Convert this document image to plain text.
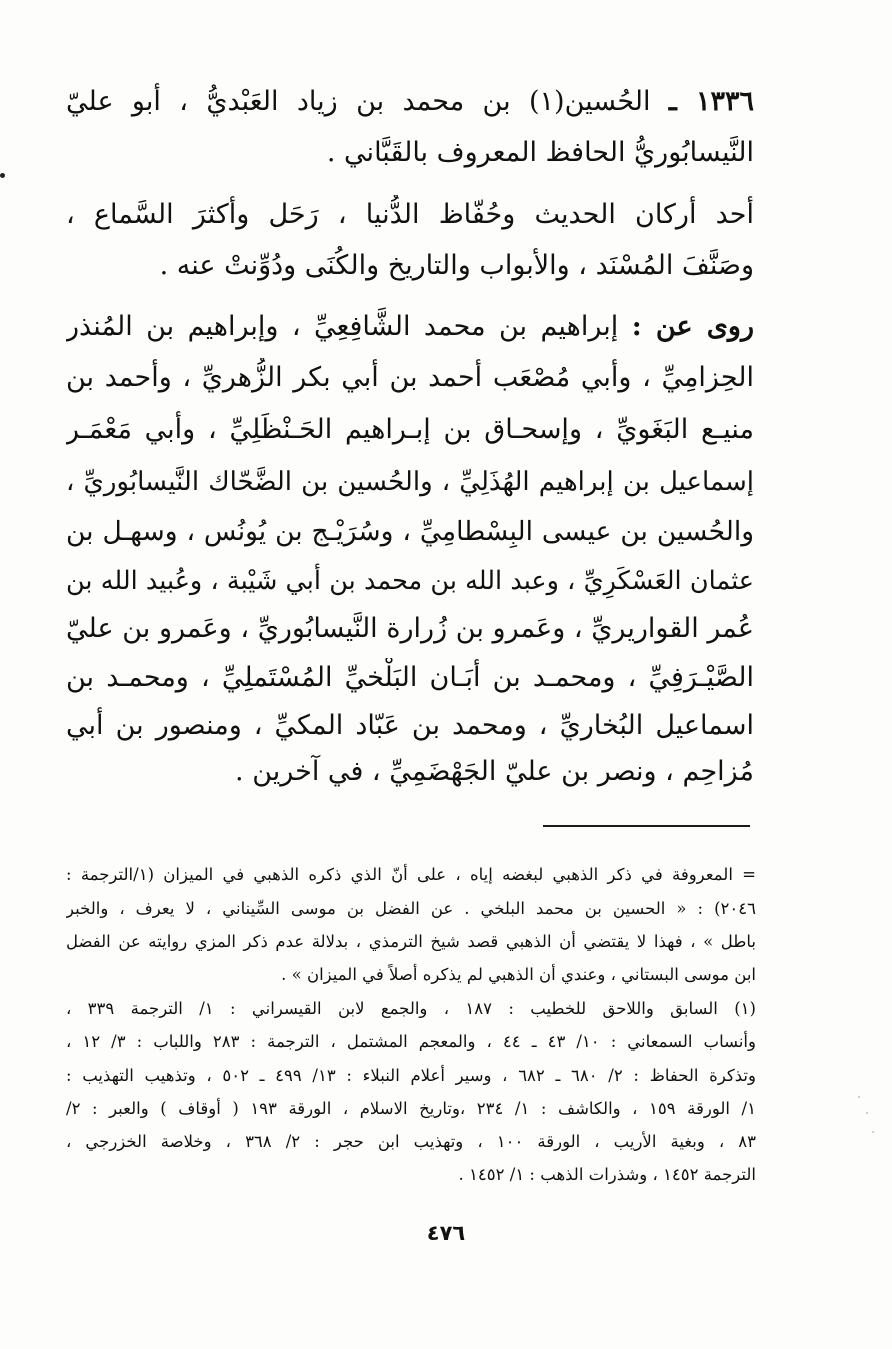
١٣٣٦ ـ الحُسين(١) بن محمد بن زياد العَبْديُّ ، أبو عليّ
النَّيسابُوريُّ الحافظ المعروف بالقَبَّاني .
أحد أركان الحديث وحُفّاظ الدُّنيا ، رَحَل وأكثرَ السَّماع ،
وصَنَّفَ المُسْنَد ، والأبواب والتاريخ والكُنَى ودُوِّنتْ عنه .
روى عن : إبراهيم بن محمد الشَّافِعِيِّ ، وإبراهيم بن المُنذر
الحِزامِيِّ ، وأبي مُصْعَب أحمد بن أبي بكر الزُّهريِّ ، وأحمد بن
منيـع البَغَويِّ ، وإسحـاق بن إبـراهيم الحَـنْظَلِيِّ ، وأبي مَعْمَـر
إسماعيل بن إبراهيم الهُذَلِيِّ ، والحُسين بن الضَّحّاك النَّيسابُوريِّ ،
والحُسين بن عيسى البِسْطامِيِّ ، وسُرَيْـج بن يُونُس ، وسهـل بن
عثمان العَسْكَرِيِّ ، وعبد الله بن محمد بن أبي شَيْبة ، وعُبيد الله بن
عُمر القواريريِّ ، وعَمرو بن زُرارة النَّيسابُوريِّ ، وعَمرو بن عليّ
الصَّيْـرَفِيِّ ، ومحمـد بن أَبَـان البَلْخيِّ المُسْتَملِيِّ ، ومحمـد بن
اسماعيل البُخاريِّ ، ومحمد بن عَبّاد المكيِّ ، ومنصور بن أبي
مُزاحِم ، ونصر بن عليّ الجَهْضَمِيِّ ، في آخرين .
= المعروفة في ذكر الذهبي لبغضه إياه ، على أنّ الذي ذكره الذهبي في الميزان (١/الترجمة :
٢٠٤٦) : « الحسين بن محمد البلخي . عن الفضل بن موسى السِّيناني ، لا يعرف ، والخبر
باطل » ، فهذا لا يقتضي أن الذهبي قصد شيخ الترمذي ، بدلالة عدم ذكر المزي روايته عن الفضل
ابن موسى البستاني ، وعندي أن الذهبي لم يذكره أصلاً في الميزان » .
(١) السابق واللاحق للخطيب : ١٨٧ ، والجمع لابن القيسراني : ١/ الترجمة ٣٣٩ ،
وأنساب السمعاني : ١٠/ ٤٣ ـ ٤٤ ، والمعجم المشتمل ، الترجمة : ٢٨٣ واللباب : ٣/ ١٢ ،
وتذكرة الحفاظ : ٢/ ٦٨٠ ـ ٦٨٢ ، وسير أعلام النبلاء : ١٣/ ٤٩٩ ـ ٥٠٢ ، وتذهيب التهذيب :
١/ الورقة ١٥٩ ، والكاشف : ١/ ٢٣٤ ،وتاريخ الاسلام ، الورقة ١٩٣ ( أوقاف ) والعبر : ٢/
٨٣ ، وبغية الأريب ، الورقة ١٠٠ ، وتهذيب ابن حجر : ٢/ ٣٦٨ ، وخلاصة الخزرجي ،
الترجمة ١٤٥٢ ، وشذرات الذهب : ١/ ١٤٥٢ .
٤٧٦
